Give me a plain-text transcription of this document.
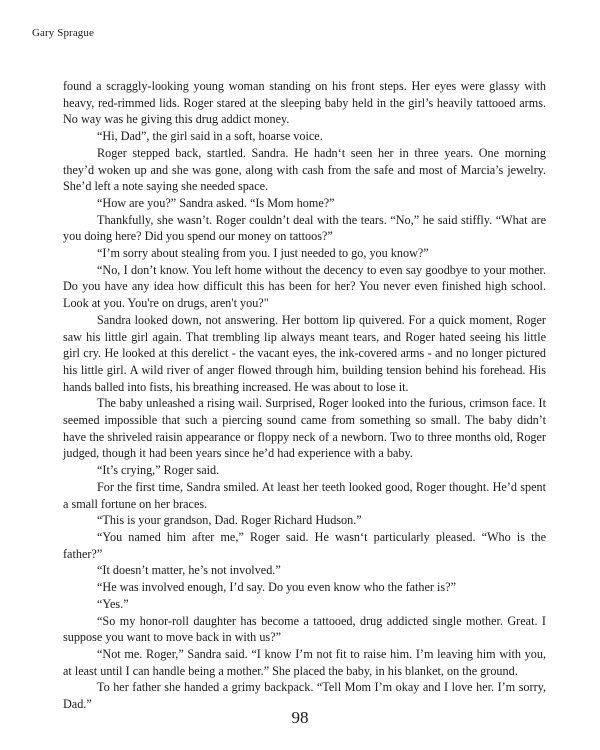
Gary Sprague

found a scraggly-looking young woman standing on his front steps. Her eyes were glassy with heavy, red-rimmed lids. Roger stared at the sleeping baby held in the girl’s heavily tattooed arms. No way was he giving this drug addict money.

“Hi, Dad”, the girl said in a soft, hoarse voice.

Roger stepped back, startled. Sandra. He hadn‘t seen her in three years. One morning they’d woken up and she was gone, along with cash from the safe and most of Marcia’s jewelry. She’d left a note saying she needed space.

“How are you?” Sandra asked. “Is Mom home?”

Thankfully, she wasn’t. Roger couldn’t deal with the tears. “No,” he said stiffly. “What are you doing here? Did you spend our money on tattoos?”

“I’m sorry about stealing from you. I just needed to go, you know?”

“No, I don’t know. You left home without the decency to even say goodbye to your mother. Do you have any idea how difficult this has been for her? You never even finished high school. Look at you. You're on drugs, aren't you?"

Sandra looked down, not answering. Her bottom lip quivered. For a quick moment, Roger saw his little girl again. That trembling lip always meant tears, and Roger hated seeing his little girl cry. He looked at this derelict - the vacant eyes, the ink-covered arms - and no longer pictured his little girl. A wild river of anger flowed through him, building tension behind his forehead. His hands balled into fists, his breathing increased. He was about to lose it.

The baby unleashed a rising wail. Surprised, Roger looked into the furious, crimson face. It seemed impossible that such a piercing sound came from something so small. The baby didn’t have the shriveled raisin appearance or floppy neck of a newborn. Two to three months old, Roger judged, though it had been years since he’d had experience with a baby.

“It’s crying,” Roger said.

For the first time, Sandra smiled. At least her teeth looked good, Roger thought. He’d spent a small fortune on her braces.

“This is your grandson, Dad. Roger Richard Hudson.”

“You named him after me,” Roger said. He wasn‘t particularly pleased. “Who is the father?”

“It doesn’t matter, he’s not involved.”

“He was involved enough, I’d say. Do you even know who the father is?”

“Yes.”

“So my honor-roll daughter has become a tattooed, drug addicted single mother. Great. I suppose you want to move back in with us?”

“Not me. Roger,” Sandra said. “I know I’m not fit to raise him. I’m leaving him with you, at least until I can handle being a mother.” She placed the baby, in his blanket, on the ground.

To her father she handed a grimy backpack. “Tell Mom I’m okay and I love her. I’m sorry, Dad.”

98
